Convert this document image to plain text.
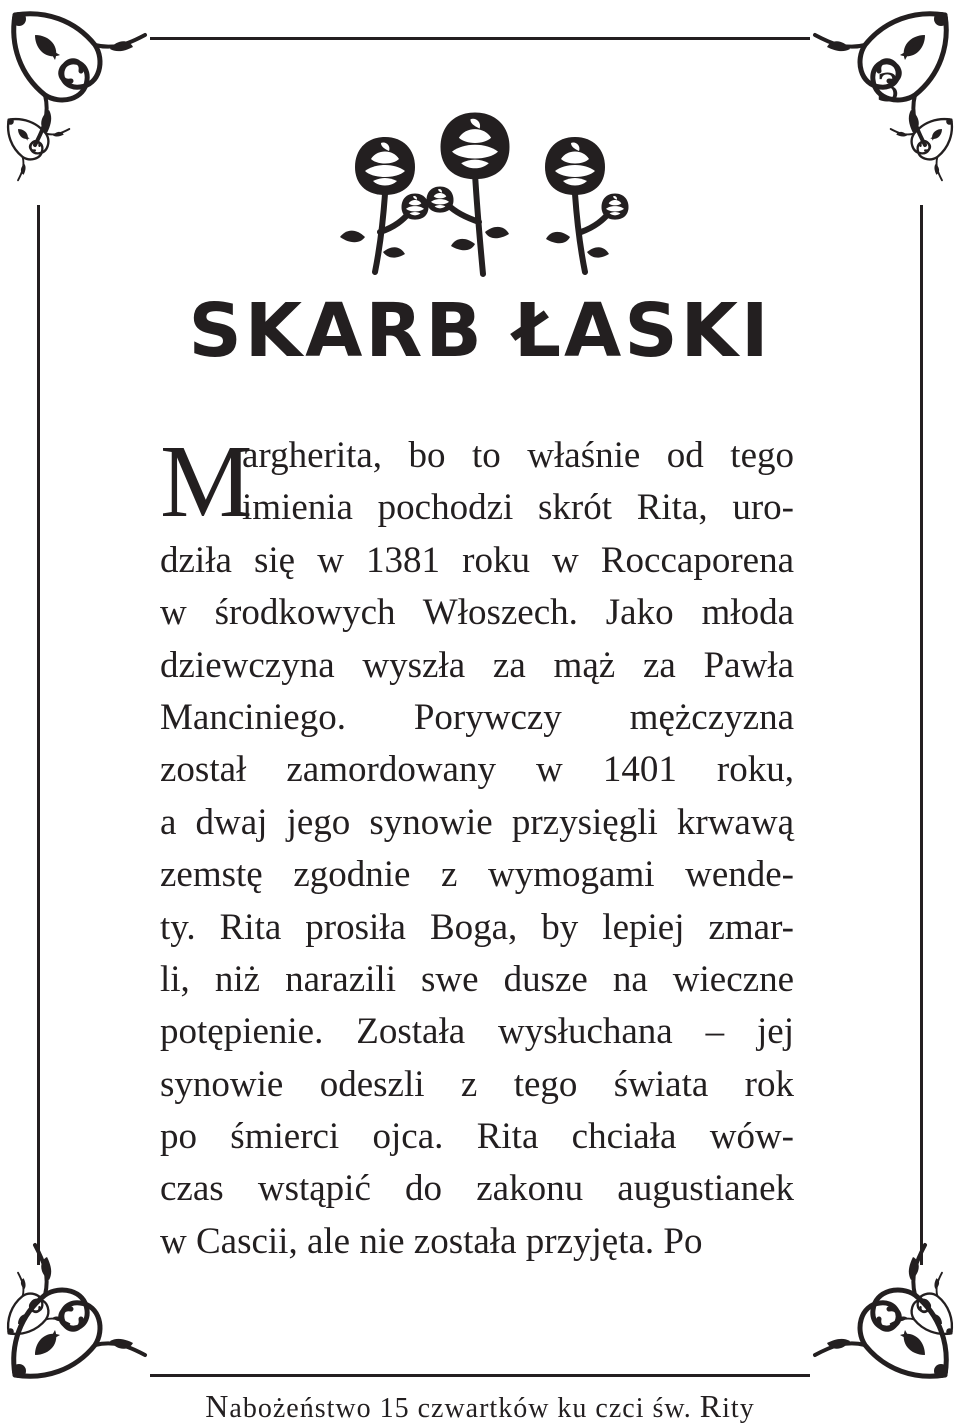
3
SKARB ŁASKI
M
argherita, bo to właśnie od tego
imienia pochodzi skrót Rita, uro-
dziła się w 1381 roku w Roccaporena
w środkowych Włoszech. Jako młoda
dziewczyna wyszła za mąż za Pawła
Manciniego. Porywczy mężczyzna
został zamordowany w 1401 roku,
a dwaj jego synowie przysięgli krwawą
zemstę zgodnie z wymogami wende-
ty. Rita prosiła Boga, by lepiej zmar-
li, niż narazili swe dusze na wieczne
potępienie. Została wysłuchana – jej
synowie odeszli z tego świata rok
po śmierci ojca. Rita chciała wów-
czas wstąpić do zakonu augustianek
w Cascii, ale nie została przyjęta. Po
Nabożeństwo 15 czwartków ku czci św. Rity
